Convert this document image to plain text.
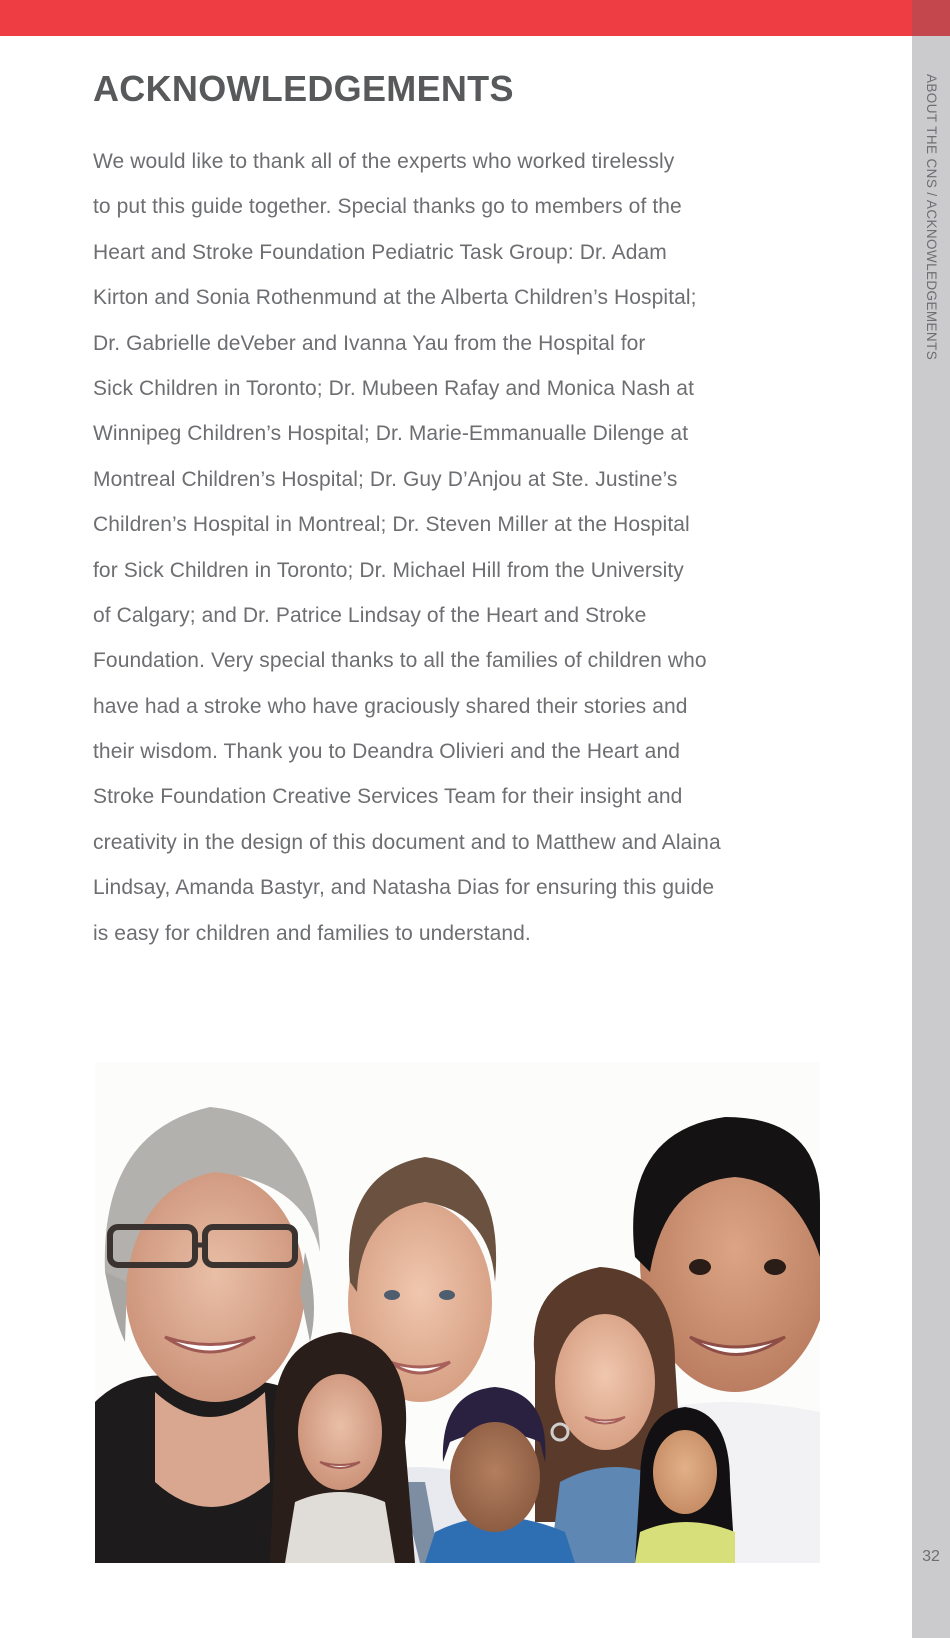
ABOUT THE CNS / ACKNOWLEDGEMENTS
32
ACKNOWLEDGEMENTS
We would like to thank all of the experts who worked tirelessly
to put this guide together. Special thanks go to members of the
Heart and Stroke Foundation Pediatric Task Group: Dr. Adam
Kirton and Sonia Rothenmund at the Alberta Children’s Hospital;
Dr. Gabrielle deVeber and Ivanna Yau from the Hospital for
Sick Children in Toronto; Dr. Mubeen Rafay and Monica Nash at
Winnipeg Children’s Hospital; Dr. Marie-Emmanualle Dilenge at
Montreal Children’s Hospital; Dr. Guy D’Anjou at Ste. Justine’s
Children’s Hospital in Montreal; Dr. Steven Miller at the Hospital
for Sick Children in Toronto; Dr. Michael Hill from the University
of Calgary; and Dr. Patrice Lindsay of the Heart and Stroke
Foundation. Very special thanks to all the families of children who
have had a stroke who have graciously shared their stories and
their wisdom. Thank you to Deandra Olivieri and the Heart and
Stroke Foundation Creative Services Team for their insight and
creativity in the design of this document and to Matthew and Alaina
Lindsay, Amanda Bastyr, and Natasha Dias for ensuring this guide
is easy for children and families to understand.
